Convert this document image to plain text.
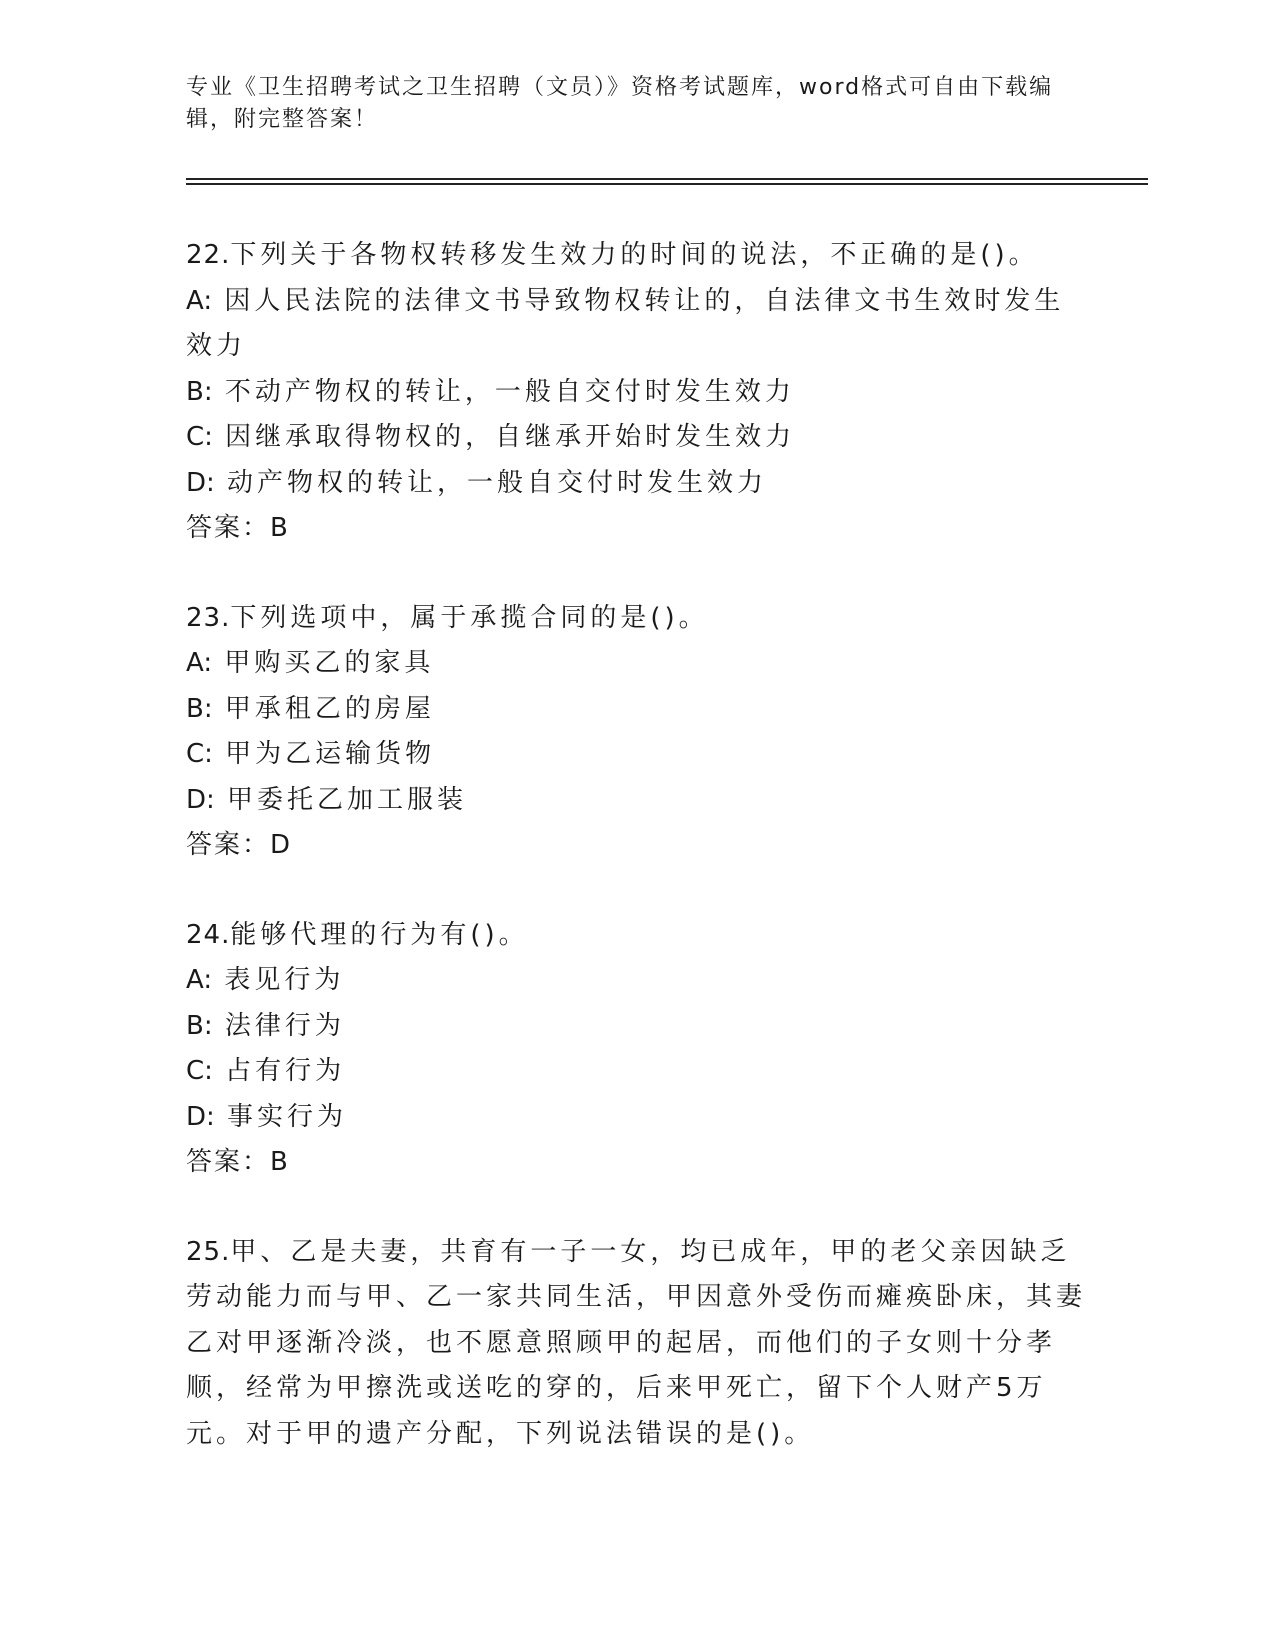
专业《卫生招聘考试之卫生招聘（文员）》资格考试题库，word格式可自由下载编辑，附完整答案！
22.下列关于各物权转移发生效力的时间的说法，不正确的是()。
A: 因人民法院的法律文书导致物权转让的，自法律文书生效时发生效力
B: 不动产物权的转让，一般自交付时发生效力
C: 因继承取得物权的，自继承开始时发生效力
D: 动产物权的转让，一般自交付时发生效力
答案：B
23.下列选项中，属于承揽合同的是()。
A: 甲购买乙的家具
B: 甲承租乙的房屋
C: 甲为乙运输货物
D: 甲委托乙加工服装
答案：D
24.能够代理的行为有()。
A: 表见行为
B: 法律行为
C: 占有行为
D: 事实行为
答案：B
25.甲、乙是夫妻，共育有一子一女，均已成年，甲的老父亲因缺乏劳动能力而与甲、乙一家共同生活，甲因意外受伤而瘫痪卧床，其妻乙对甲逐渐冷淡，也不愿意照顾甲的起居，而他们的子女则十分孝顺，经常为甲擦洗或送吃的穿的，后来甲死亡，留下个人财产5万元。对于甲的遗产分配，下列说法错误的是()。
